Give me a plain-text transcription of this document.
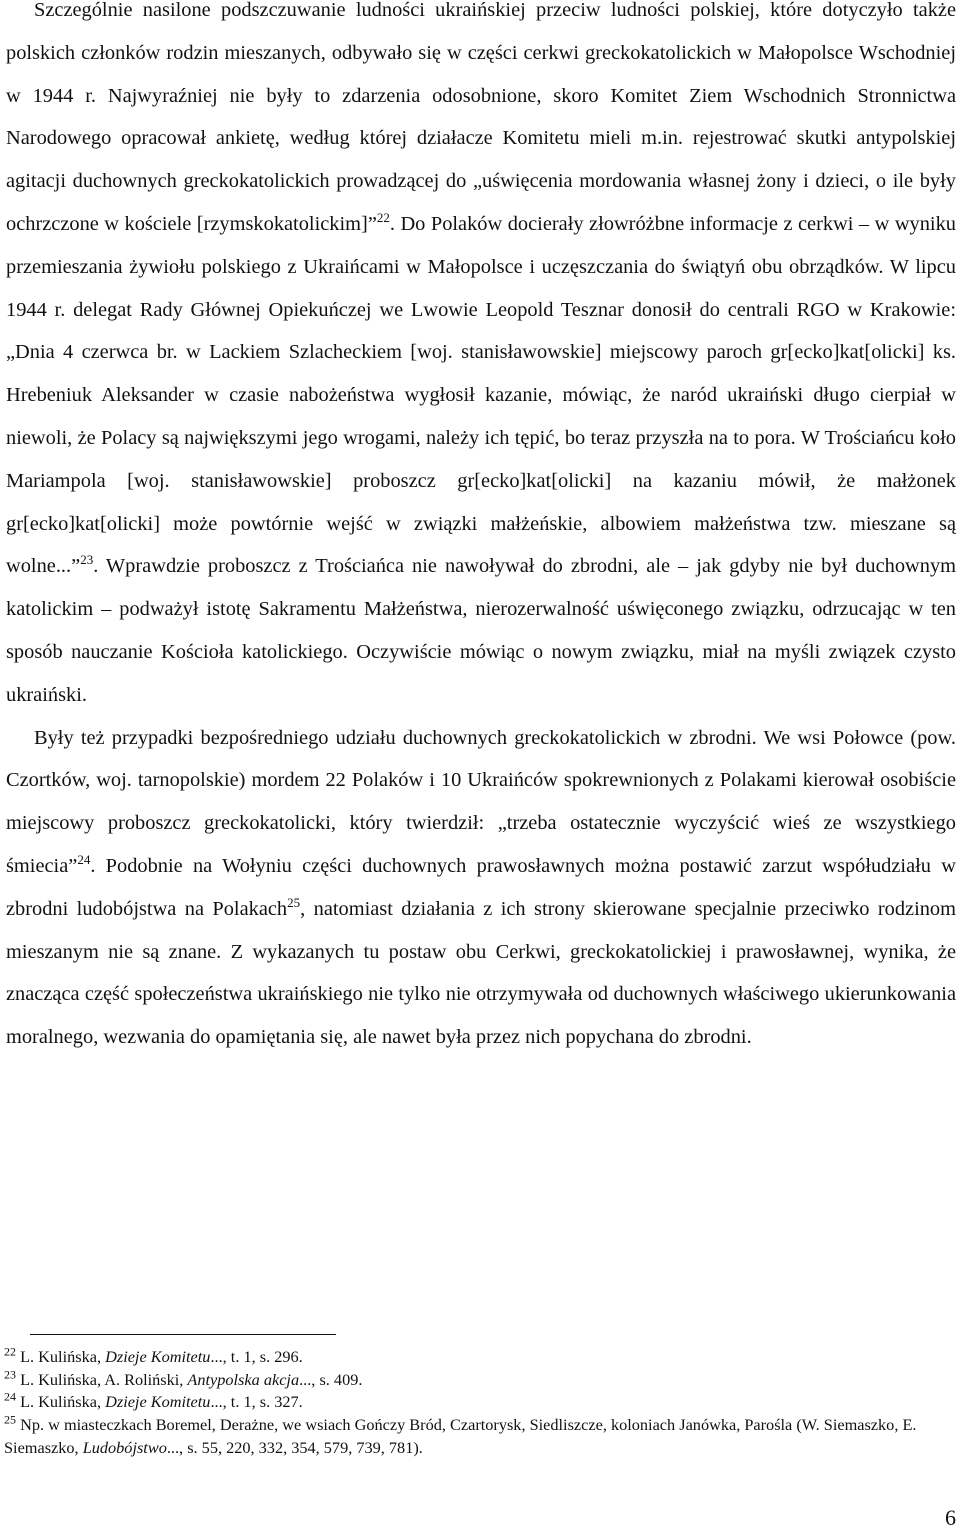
Szczególnie nasilone podszczuwanie ludności ukraińskiej przeciw ludności polskiej, które dotyczyło także polskich członków rodzin mieszanych, odbywało się w części cerkwi greckokatolickich w Małopolsce Wschodniej w 1944 r. Najwyraźniej nie były to zdarzenia odosobnione, skoro Komitet Ziem Wschodnich Stronnictwa Narodowego opracował ankietę, według której działacze Komitetu mieli m.in. rejestrować skutki antypolskiej agitacji duchownych greckokatolickich prowadzącej do „uświęcenia mordowania własnej żony i dzieci, o ile były ochrzczone w kościele [rzymskokatolickim]”$^{22}$. Do Polaków docierały złowróżbne informacje z cerkwi – w wyniku przemieszania żywiołu polskiego z Ukraińcami w Małopolsce i uczęszczania do świątyń obu obrządków. W lipcu 1944 r. delegat Rady Głównej Opiekuńczej we Lwowie Leopold Tesznar donosił do centrali RGO w Krakowie: „Dnia 4 czerwca br. w Lackiem Szlacheckiem [woj. stanisławowskie] miejscowy paroch gr[ecko]kat[olicki] ks. Hrebeniuk Aleksander w czasie nabożeństwa wygłosił kazanie, mówiąc, że naród ukraiński długo cierpiał w niewoli, że Polacy są największymi jego wrogami, należy ich tępić, bo teraz przyszła na to pora. W Trościańcu koło Mariampola [woj. stanisławowskie] proboszcz gr[ecko]kat[olicki] na kazaniu mówił, że małżonek gr[ecko]kat[olicki] może powtórnie wejść w związki małżeńskie, albowiem małżeństwa tzw. mieszane są wolne...”$^{23}$. Wprawdzie proboszcz z Trościańca nie nawoływał do zbrodni, ale – jak gdyby nie był duchownym katolickim – podważył istotę Sakramentu Małżeństwa, nierozerwalność uświęconego związku, odrzucając w ten sposób nauczanie Kościoła katolickiego. Oczywiście mówiąc o nowym związku, miał na myśli związek czysto ukraiński.

Były też przypadki bezpośredniego udziału duchownych greckokatolickich w zbrodni. We wsi Połowce (pow. Czortków, woj. tarnopolskie) mordem 22 Polaków i 10 Ukraińców spokrewnionych z Polakami kierował osobiście miejscowy proboszcz greckokatolicki, który twierdził: „trzeba ostatecznie wyczyścić wieś ze wszystkiego śmiecia”$^{24}$. Podobnie na Wołyniu części duchownych prawosławnych można postawić zarzut współudziału w zbrodni ludobójstwa na Polakach$^{25}$, natomiast działania z ich strony skierowane specjalnie przeciwko rodzinom mieszanym nie są znane. Z wykazanych tu postaw obu Cerkwi, greckokatolickiej i prawosławnej, wynika, że znacząca część społeczeństwa ukraińskiego nie tylko nie otrzymywała od duchownych właściwego ukierunkowania moralnego, wezwania do opamiętania się, ale nawet była przez nich popychana do zbrodni.

$^{22}$ L. Kulińska, Dzieje Komitetu..., t. 1, s. 296.

$^{23}$ L. Kulińska, A. Roliński, Antypolska akcja..., s. 409.

$^{24}$ L. Kulińska, Dzieje Komitetu..., t. 1, s. 327.

$^{25}$ Np. w miasteczkach Boremel, Derażne, we wsiach Gończy Bród, Czartorysk, Siedliszcze, koloniach Janówka, Parośla (W. Siemaszko, E. Siemaszko, Ludobójstwo..., s. 55, 220, 332, 354, 579, 739, 781).

6
